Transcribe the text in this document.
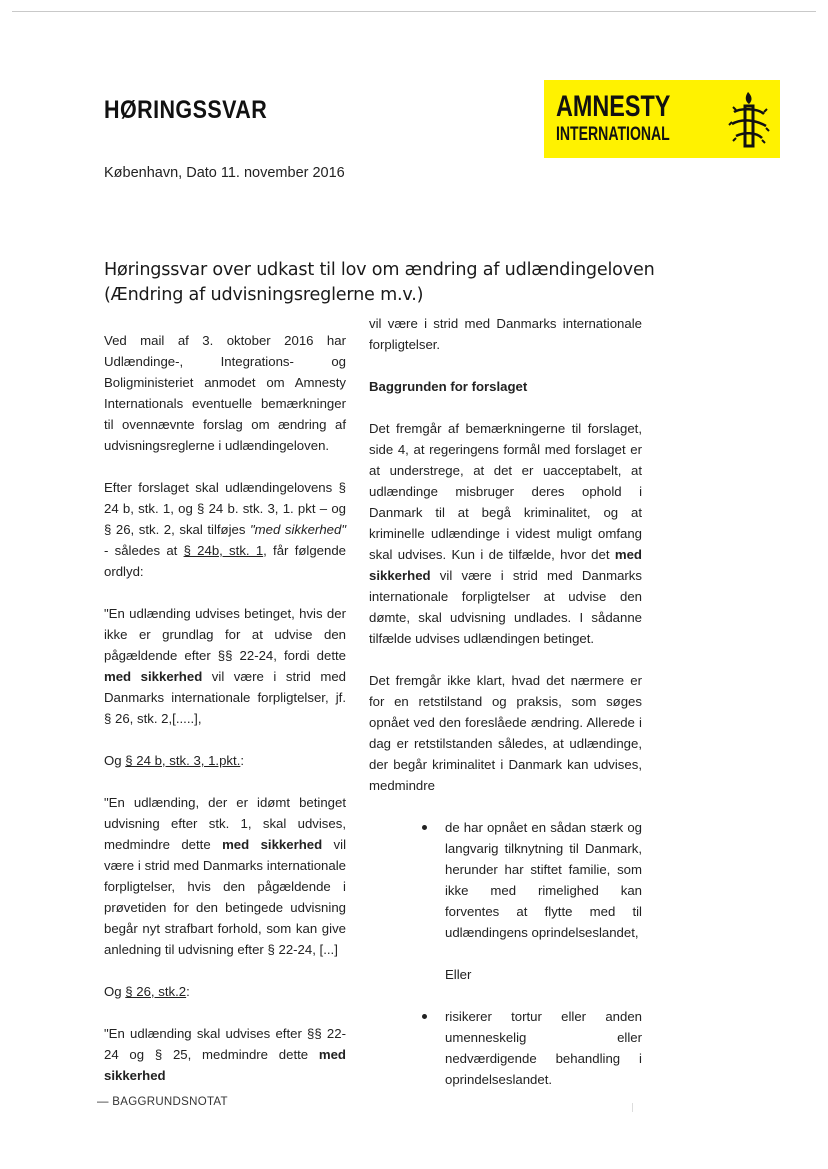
HØRINGSSVAR	AMNESTY
INTERNATIONAL
København, Dato 11. november 2016
Høringssvar over udkast til lov om ændring af udlændingeloven (Ændring af udvisningsreglerne m.v.)

Ved mail af 3. oktober 2016 har Udlændinge-, Integrations- og Boligministeriet anmodet om Amnesty Internationals eventuelle bemærkninger til ovennævnte forslag om ændring af udvisningsreglerne i udlændingeloven.

Efter forslaget skal udlændingelovens § 24 b, stk. 1, og § 24 b. stk. 3, 1. pkt – og § 26, stk. 2, skal tilføjes "med sikkerhed" - således at § 24b, stk. 1, får følgende ordlyd:

"En udlænding udvises betinget, hvis der ikke er grundlag for at udvise den pågældende efter §§ 22-24, fordi dette med sikkerhed vil være i strid med Danmarks internationale forpligtelser, jf. § 26, stk. 2,[.....],

Og § 24 b, stk. 3, 1.pkt.:

"En udlænding, der er idømt betinget udvisning efter stk. 1, skal udvises, medmindre dette med sikkerhed vil være i strid med Danmarks internationale forpligtelser, hvis den pågældende i prøvetiden for den betingede udvisning begår nyt strafbart forhold, som kan give anledning til udvisning efter § 22-24, [...]

Og § 26, stk.2:

"En udlænding skal udvises efter §§ 22-24 og § 25, medmindre dette med sikkerhed

vil være i strid med Danmarks internationale forpligtelser.

Baggrunden for forslaget

Det fremgår af bemærkningerne til forslaget, side 4, at regeringens formål med forslaget er at understrege, at det er uacceptabelt, at udlændinge misbruger deres ophold i Danmark til at begå kriminalitet, og at kriminelle udlændinge i videst muligt omfang skal udvises. Kun i de tilfælde, hvor det med sikkerhed vil være i strid med Danmarks internationale forpligtelser at udvise den dømte, skal udvisning undlades. I sådanne tilfælde udvises udlændingen betinget.

Det fremgår ikke klart, hvad det nærmere er for en retstilstand og praksis, som søges opnået ved den foreslåede ændring. Allerede i dag er retstilstanden således, at udlændinge, der begår kriminalitet i Danmark kan udvises, medmindre

de har opnået en sådan stærk og langvarig tilknytning til Danmark, herunder har stiftet familie, som ikke med rimelighed kan forventes at flytte med til udlændingens oprindelseslandet,

Eller

risikerer tortur eller anden umenneskelig eller nedværdigende behandling i oprindelseslandet.

— BAGGRUNDSNOTAT
